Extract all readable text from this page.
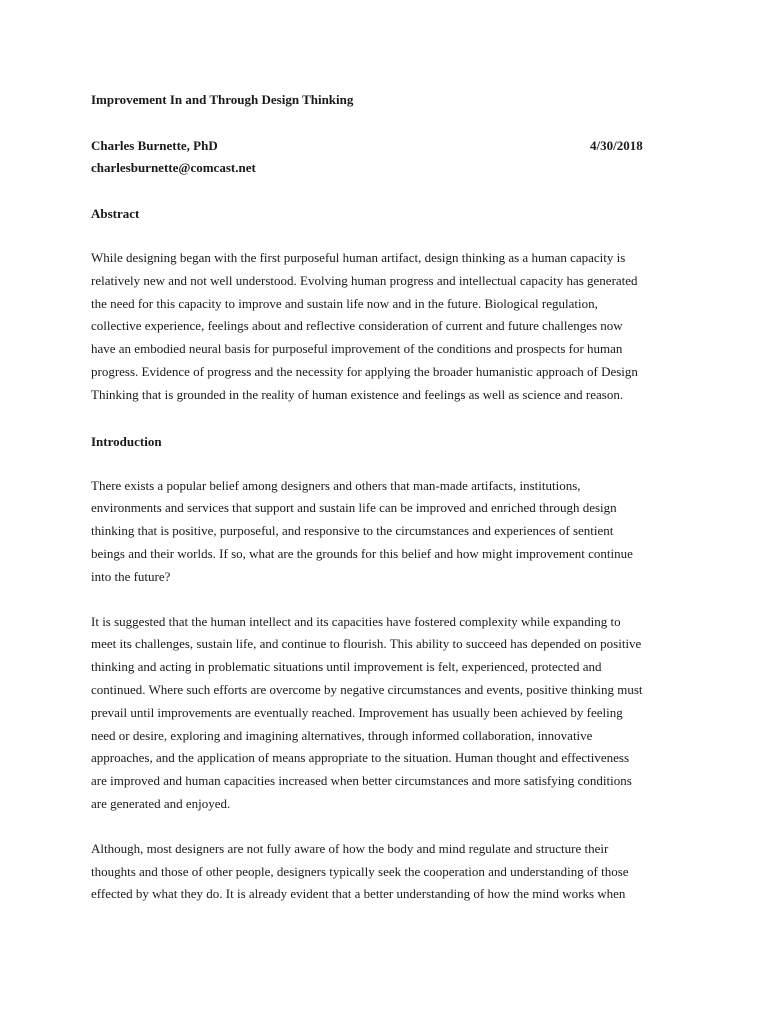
Improvement In and Through Design Thinking

Charles Burnette, PhD	4/30/2018

charlesburnette@comcast.net

Abstract

While designing began with the first purposeful human artifact, design thinking as a human capacity is
relatively new and not well understood. Evolving human progress and intellectual capacity has generated
the need for this capacity to improve and sustain life now and in the future. Biological regulation,
collective experience, feelings about and reflective consideration of current and future challenges now
have an embodied neural basis for purposeful improvement of the conditions and prospects for human
progress. Evidence of progress and the necessity for applying the broader humanistic approach of Design
Thinking that is grounded in the reality of human existence and feelings as well as science and reason.

Introduction

There exists a popular belief among designers and others that man-made artifacts, institutions,
environments and services that support and sustain life can be improved and enriched through design
thinking that is positive, purposeful, and responsive to the circumstances and experiences of sentient
beings and their worlds. If so, what are the grounds for this belief and how might improvement continue
into the future?

It is suggested that the human intellect and its capacities have fostered complexity while expanding to
meet its challenges, sustain life, and continue to flourish. This ability to succeed has depended on positive
thinking and acting in problematic situations until improvement is felt, experienced, protected and
continued. Where such efforts are overcome by negative circumstances and events, positive thinking must
prevail until improvements are eventually reached. Improvement has usually been achieved by feeling
need or desire, exploring and imagining alternatives, through informed collaboration, innovative
approaches, and the application of means appropriate to the situation. Human thought and effectiveness
are improved and human capacities increased when better circumstances and more satisfying conditions
are generated and enjoyed.

Although, most designers are not fully aware of how the body and mind regulate and structure their
thoughts and those of other people, designers typically seek the cooperation and understanding of those
effected by what they do. It is already evident that a better understanding of how the mind works when
